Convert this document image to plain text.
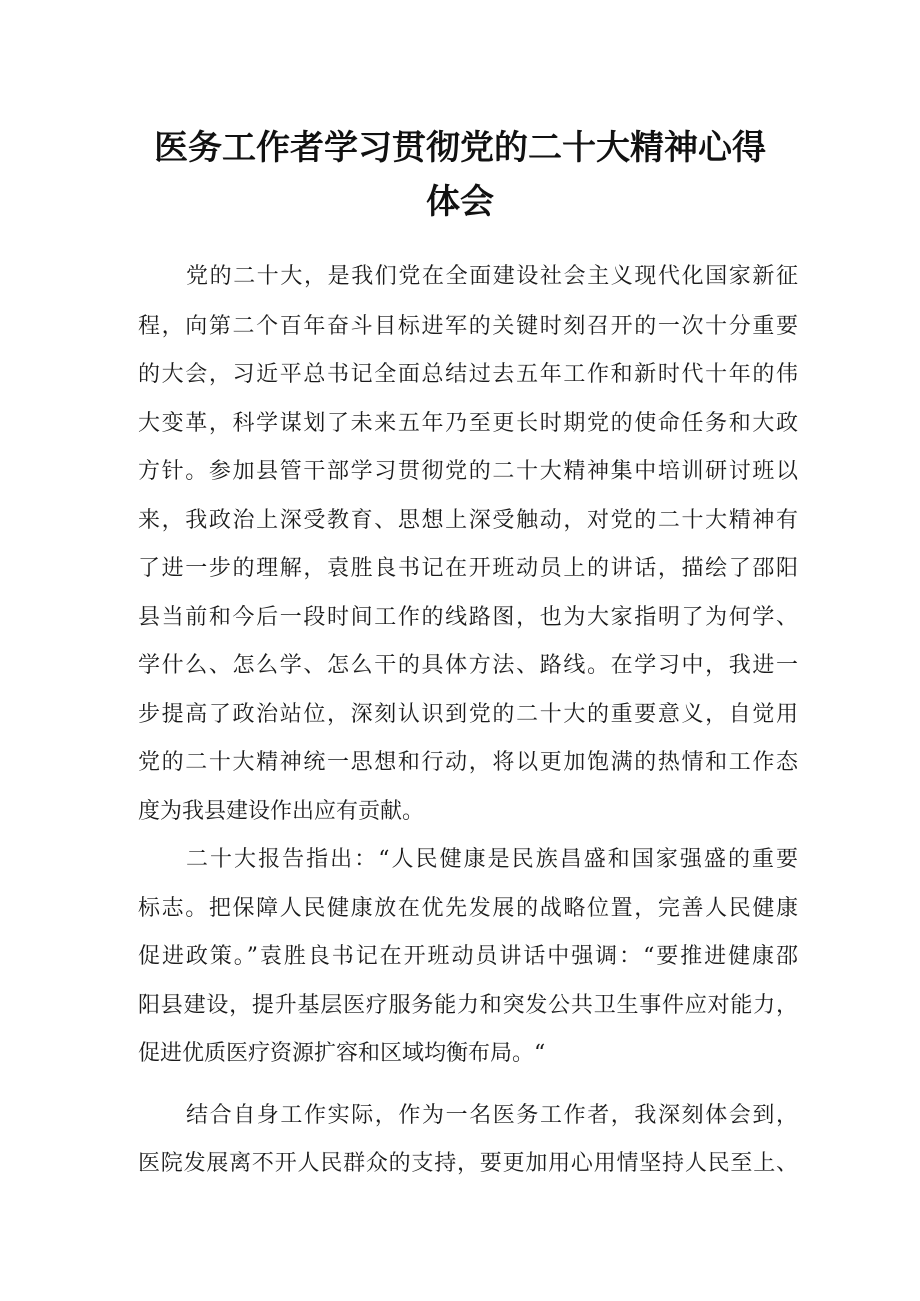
医务工作者学习贯彻党的二十大精神心得
体会

党的二十大，是我们党在全面建设社会主义现代化国家新征

程，向第二个百年奋斗目标进军的关键时刻召开的一次十分重要

的大会，习近平总书记全面总结过去五年工作和新时代十年的伟

大变革，科学谋划了未来五年乃至更长时期党的使命任务和大政

方针。参加县管干部学习贯彻党的二十大精神集中培训研讨班以

来，我政治上深受教育、思想上深受触动，对党的二十大精神有

了进一步的理解，袁胜良书记在开班动员上的讲话，描绘了邵阳

县当前和今后一段时间工作的线路图，也为大家指明了为何学、

学什么、怎么学、怎么干的具体方法、路线。在学习中，我进一

步提高了政治站位，深刻认识到党的二十大的重要意义，自觉用

党的二十大精神统一思想和行动，将以更加饱满的热情和工作态

度为我县建设作出应有贡献。

二十大报告指出：“人民健康是民族昌盛和国家强盛的重要

标志。把保障人民健康放在优先发展的战略位置，完善人民健康

促进政策。”袁胜良书记在开班动员讲话中强调：“要推进健康邵

阳县建设，提升基层医疗服务能力和突发公共卫生事件应对能力，

促进优质医疗资源扩容和区域均衡布局。“

结合自身工作实际，作为一名医务工作者，我深刻体会到，

医院发展离不开人民群众的支持，要更加用心用情坚持人民至上、
